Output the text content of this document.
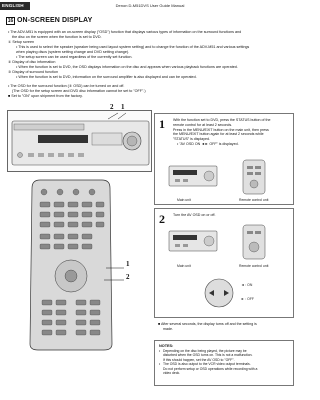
ENGLISH	Denon D-M51DVS User Guide Manual
16 ON-SCREEN DISPLAY

• The ADV-M51 is equipped with an on-screen display ("OSD") function that displays various types of information on the surround functions and

the disc on the screen when the function is set to DVD.

① Setup screen

• This is used to select the speaker (speaker being used layout system setting) and to change the function of the ADV-M51 and various settings

when playing discs (system setting change and DVD setting change).

• The setup screen can be used regardless of the currently set function.

② Display of disc information

• When the function is set to DVD, the OSD displays information on the disc and appears when various playback functions are operated.

③ Display of surround function

• When the function is set to DVD, information on the surround amplifier is also displayed and can be operated.

• The OSD for the surround function (③ OSD) can be turned on and off.

(The OSD for the setup screen and DVD disc information cannot be set to "OFF".)

■ Set to "ON" upon shipment from the factory.

2 1
1
2
1 With the function set to DVD, press the STATUS button of the
remote control for at least 2 seconds.
Press in the MENU/EXIT button on the main unit, then press
the MENU/EXIT button again for at least 2 seconds while
"STATUS" is displayed.
• "AV OSD ON ◄► OFF" is displayed.
Main unit	Remote control unit
2 Turn the AV OSD on or off.
Main unit	Remote control unit
◄ : ON
► : OFF
■ After several seconds, the display turns off and the setting is
made.
NOTES:
• Depending on the disc being played, the picture may be
disturbed when the OSD turns on. This is not a malfunction.
If this should happen, set the AV OSD to "OFF".
• The OSD is also output to the VCR video output terminals.
Do not perform setup or OSD operations while recording with a
video deck.
